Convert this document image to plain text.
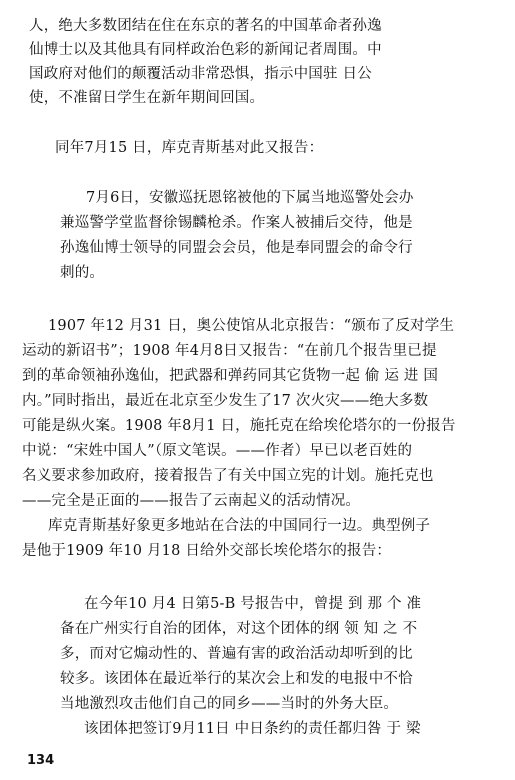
人，绝大多数团结在住在东京的著名的中国革命者孙逸
仙博士以及其他具有同样政治色彩的新闻记者周围。中
国政府对他们的颠覆活动非常恐惧，指示中国驻 日公
使，不准留日学生在新年期间回国。
同年7月15 日，库克青斯基对此又报告：
7月6日，安徽巡抚恩铭被他的下属当地巡警处会办
兼巡警学堂监督徐锡麟枪杀。作案人被捕后交待，他是
孙逸仙博士领导的同盟会会员，他是奉同盟会的命令行
刺的。
1907 年12 月31 日，奥公使馆从北京报告：“颁布了反对学生
运动的新诏书”；1908 年4月8日又报告：“在前几个报告里已提
到的革命领袖孙逸仙，把武器和弹药同其它货物一起 偷 运 进 国
内。”同时指出，最近在北京至少发生了17 次火灾——绝大多数
可能是纵火案。1908 年8月1 日，施托克在给埃伦塔尔的一份报告
中说：“宋姓中国人”（原文笔误。——作者）早已以老百姓的
名义要求参加政府，接着报告了有关中国立宪的计划。施托克也
——完全是正面的——报告了云南起义的活动情况。
库克青斯基好象更多地站在合法的中国同行一边。典型例子
是他于1909 年10 月18 日给外交部长埃伦塔尔的报告：
在今年10 月4 日第5-B 号报告中，曾提 到 那 个 准
备在广州实行自治的团体，对这个团体的纲 领 知 之 不
多，而对它煽动性的、普遍有害的政治活动却听到的比
较多。该团体在最近举行的某次会上和发的电报中不恰
当地激烈攻击他们自己的同乡——当时的外务大臣。
该团体把签订9月11日 中日条约的责任都归咎 于 梁
134
